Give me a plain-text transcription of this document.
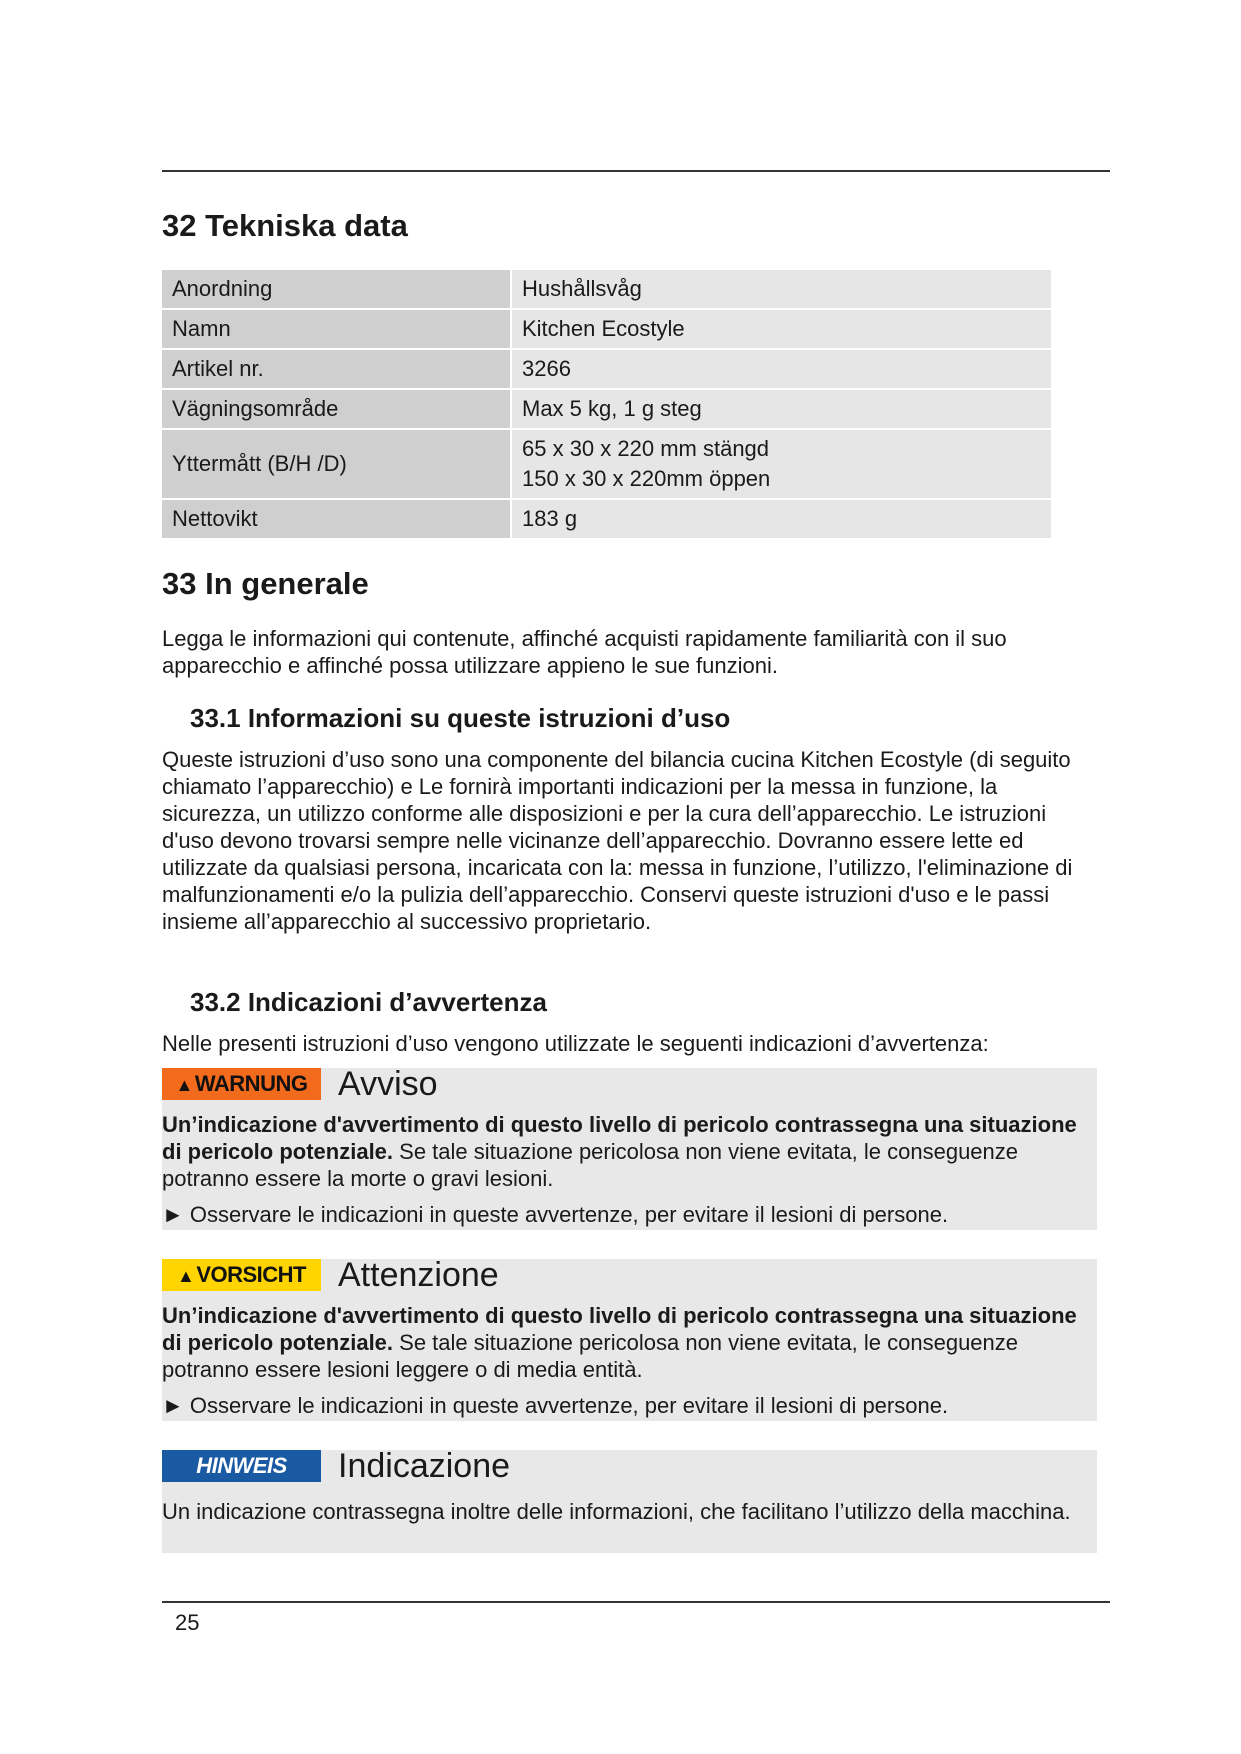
32 Tekniska data
Anordning	Hushållsvåg
Namn	Kitchen Ecostyle
Artikel nr.	3266
Vägningsområde	Max 5 kg, 1 g steg
Yttermått (B/H /D)	65 x 30 x 220 mm stängd
150 x 30 x 220mm öppen

Nettovikt	183 g
33 In generale

Legga le informazioni qui contenute, affinché acquisti rapidamente familiarità con il suo apparecchio e affinché possa utilizzare appieno le sue funzioni.

33.1 Informazioni su queste istruzioni d’uso

Queste istruzioni d’uso sono una componente del bilancia cucina Kitchen Ecostyle (di seguito chiamato l’apparecchio) e Le fornirà importanti indicazioni per la messa in funzione, la sicurezza, un utilizzo conforme alle disposizioni e per la cura dell’apparecchio. Le istruzioni d'uso devono trovarsi sempre nelle vicinanze dell’apparecchio. Dovranno essere lette ed utilizzate da qualsiasi persona, incaricata con la: messa in funzione, l’utilizzo, l'eliminazione di malfunzionamenti e/o la pulizia dell’apparecchio. Conservi queste istruzioni d'uso e le passi insieme all’apparecchio al successivo proprietario.

33.2 Indicazioni d’avvertenza

Nelle presenti istruzioni d’uso vengono utilizzate le seguenti indicazioni d’avvertenza:

▲WARNUNG Avviso
Un’indicazione d'avvertimento di questo livello di pericolo contrassegna una situazione di pericolo potenziale. Se tale situazione pericolosa non viene evitata, le conseguenze potranno essere la morte o gravi lesioni.
► Osservare le indicazioni in queste avvertenze, per evitare il lesioni di persone.
▲VORSICHT Attenzione
Un’indicazione d'avvertimento di questo livello di pericolo contrassegna una situazione di pericolo potenziale. Se tale situazione pericolosa non viene evitata, le conseguenze potranno essere lesioni leggere o di media entità.
► Osservare le indicazioni in queste avvertenze, per evitare il lesioni di persone.
HINWEIS	Indicazione
Un indicazione contrassegna inoltre delle informazioni, che facilitano l’utilizzo della macchina.
25
